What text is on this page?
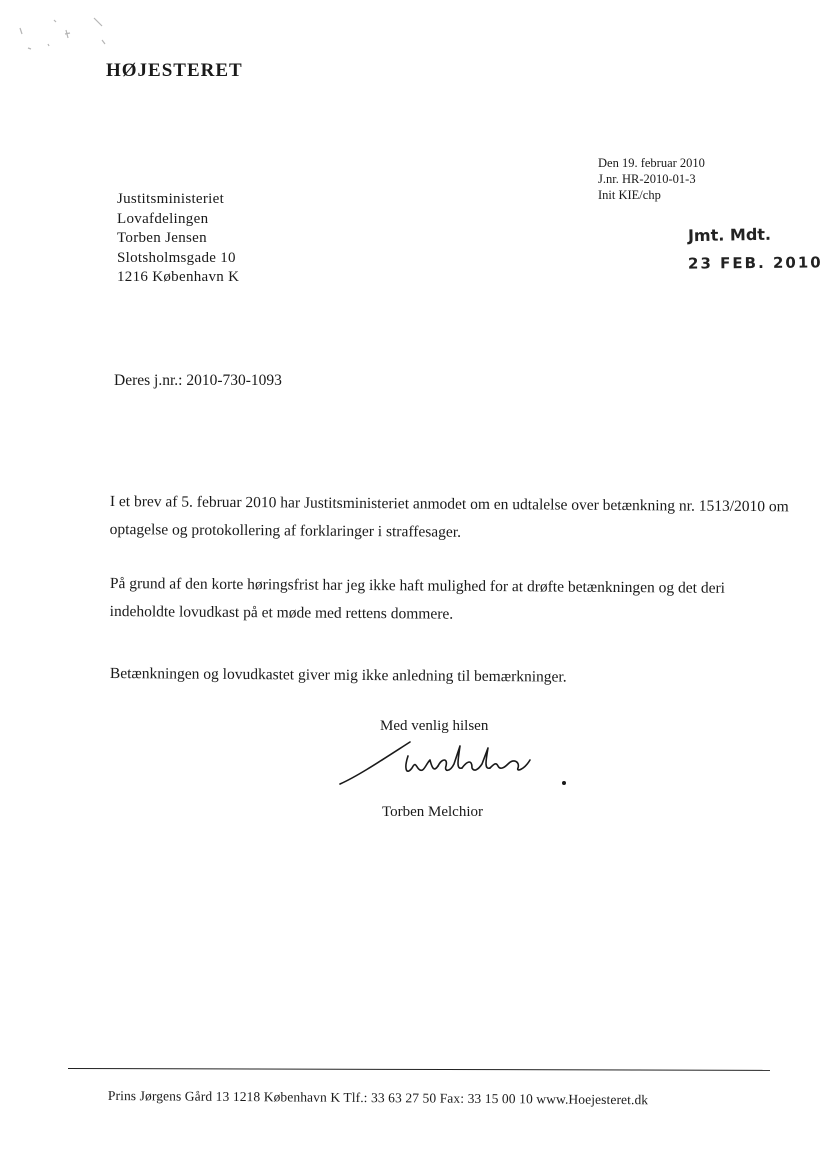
HØJESTERET
Den 19. februar 2010
J.nr. HR-2010-01-3
Init KIE/chp
Justitsministeriet
Lovafdelingen
Torben Jensen
Slotsholmsgade 10
1216 København K
Jmt. Mdt.
23 FEB. 2010
Deres j.nr.: 2010-730-1093
I et brev af 5. februar 2010 har Justitsministeriet anmodet om en udtalelse over betænkning nr. 1513/2010 om optagelse og protokollering af forklaringer i straffesager.
På grund af den korte høringsfrist har jeg ikke haft mulighed for at drøfte betænkningen og det deri indeholdte lovudkast på et møde med rettens dommere.
Betænkningen og lovudkastet giver mig ikke anledning til bemærkninger.
Med venlig hilsen
Torben Melchior
Prins Jørgens Gård 13 1218 København K Tlf.: 33 63 27 50 Fax: 33 15 00 10 www.Hoejesteret.dk
